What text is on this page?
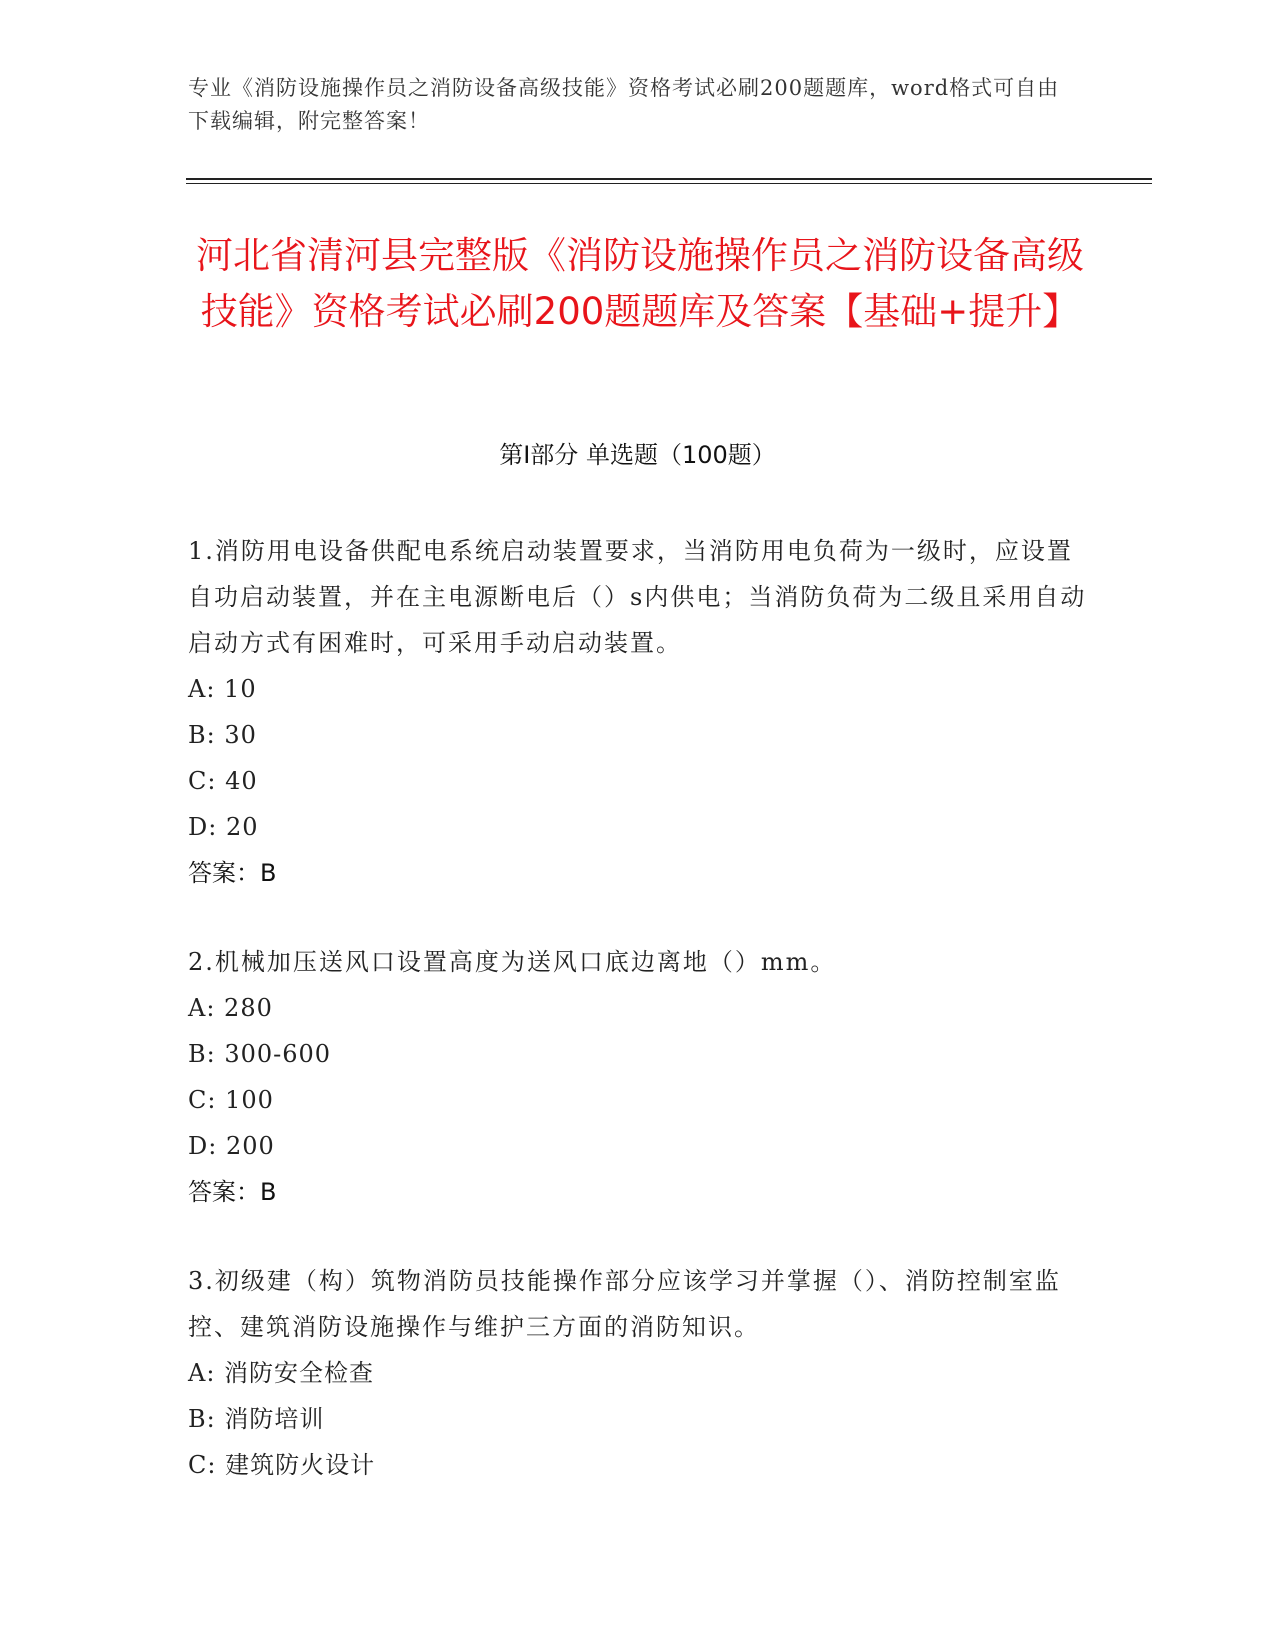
专业《消防设施操作员之消防设备高级技能》资格考试必刷200题题库，word格式可自由下载编辑，附完整答案！
河北省清河县完整版《消防设施操作员之消防设备高级技能》资格考试必刷200题题库及答案【基础+提升】
第I部分 单选题（100题）
1.消防用电设备供配电系统启动装置要求，当消防用电负荷为一级时，应设置自功启动装置，并在主电源断电后（）s内供电；当消防负荷为二级且采用自动启动方式有困难时，可采用手动启动装置。
A: 10
B: 30
C: 40
D: 20
答案：B
2.机械加压送风口设置高度为送风口底边离地（）mm。
A: 280
B: 300-600
C: 100
D: 200
答案：B
3.初级建（构）筑物消防员技能操作部分应该学习并掌握（）、消防控制室监控、建筑消防设施操作与维护三方面的消防知识。
A: 消防安全检查
B: 消防培训
C: 建筑防火设计
